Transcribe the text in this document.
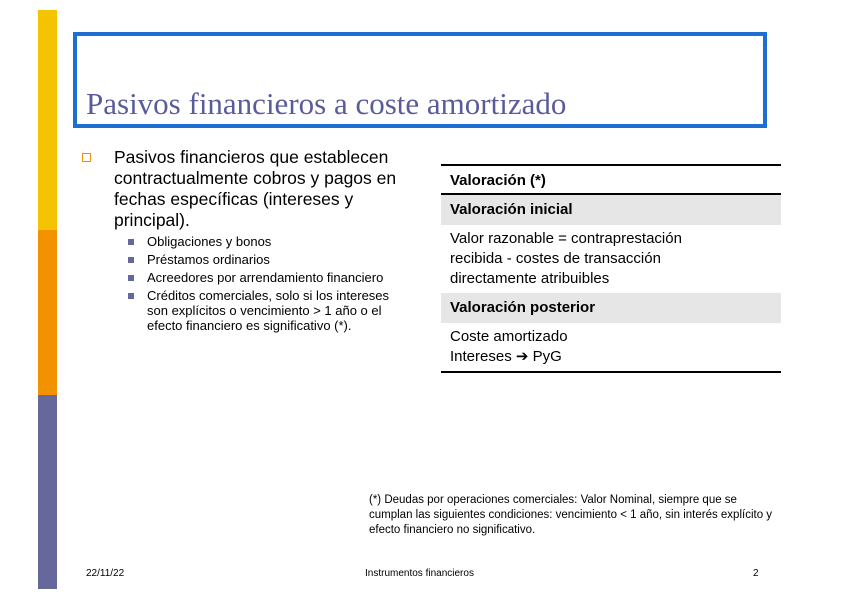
Pasivos financieros a coste amortizado
Pasivos financieros que establecen contractualmente cobros y pagos en fechas específicas (intereses y principal).
Obligaciones y bonos
Préstamos ordinarios
Acreedores por arrendamiento financiero
Créditos comerciales, solo si los intereses son explícitos o vencimiento > 1 año o el efecto financiero es significativo (*).
Valoración (*)
Valoración inicial
Valor razonable = contraprestación
recibida - costes de transacción
directamente atribuibles
Valoración posterior
Coste amortizado
Intereses ➔ PyG
(*) Deudas por operaciones comerciales: Valor Nominal, siempre que se cumplan las siguientes condiciones: vencimiento < 1 año, sin interés explícito y efecto financiero no significativo.
22/11/22	Instrumentos financieros	2
